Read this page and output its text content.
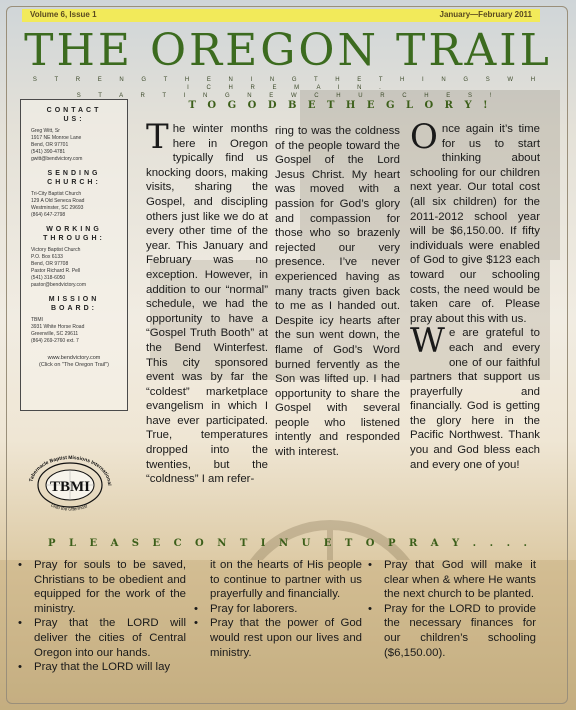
Volume 6, Issue 1	January—February 2011
THE OREGON TRAIL
S T R E N G T H E N I N G T H E T H I N G S W H I C H R E M A I N .
S T A R T I N G N E W C H U R C H E S !
CONTACT
US:
Greg Witt, Sr
1917 NE Monroe Lane
Bend, OR 97701
(541) 390-4781
gwitt@bendvictory.com
SENDING
CHURCH:
Tri-City Baptist Church
129 A Old Seneca Road
Westminster, SC 29693
(864) 647-2798
WORKING
THROUGH:
Victory Baptist Church
P.O. Box 6133
Bend, OR 97708
Pastor Richard R. Pell
(541) 318-6050
pastor@bendvictory.com
MISSION
BOARD:
TBMI
3931 White Horse Road
Greenville, SC 29611
(864) 269-2760 ext. 7
www.bendvictory.com
(Click on "The Oregon Trail")
Tabernacle Baptist Missions International
TBMI
Unto the Uttermost
T O G O D B E T H E G L O R Y !
T he winter months here in Oregon typically find us knocking doors, making visits, sharing the Gospel, and discipling others just like we do at every other time of the year. This January and February was no exception. However, in addition to our “normal” schedule, we had the opportunity to have a “Gospel Truth Booth” at the Bend Winterfest. This city sponsored event was by far the “coldest” marketplace evangelism in which I have ever participated. True, temperatures dropped into the twenties, but the “coldness” I am refer-

ring to was the coldness of the people toward the Gospel of the Lord Jesus Christ. My heart was moved with a passion for God’s glory and compassion for those who so brazenly rejected our very presence. I’ve never experienced having as many tracts given back to me as I handed out. Despite icy hearts after the sun went down, the flame of God’s Word burned fervently as the Son was lifted up. I had opportunity to share the Gospel with several people who listened intently and responded with interest.

O nce again it’s time for us to start thinking about schooling for our children next year. Our total cost (all six children) for the 2011-2012 school year will be $6,150.00. If fifty individuals were enabled of God to give $123 each toward our schooling costs, the need would be taken care of. Please pray about this with us.

W e are grateful to each and every one of our faithful partners that support us prayerfully and financially. God is getting the glory here in the Pacific Northwest. Thank you and God bless each and every one of you!

P L E A S E C O N T I N U E T O P R A Y . . . .
• Pray for souls to be saved, Christians to be obedient and equipped for the work of the ministry.
• Pray that the LORD will deliver the cities of Central Oregon into our hands.
• Pray that the LORD will lay
it on the hearts of His people to continue to partner with us prayerfully and financially.
• Pray for laborers.
• Pray that the power of God would rest upon our lives and ministry.
• Pray that God will make it clear when & where He wants the next church to be planted.
• Pray for the LORD to provide the necessary finances for our children’s schooling ($6,150.00).
